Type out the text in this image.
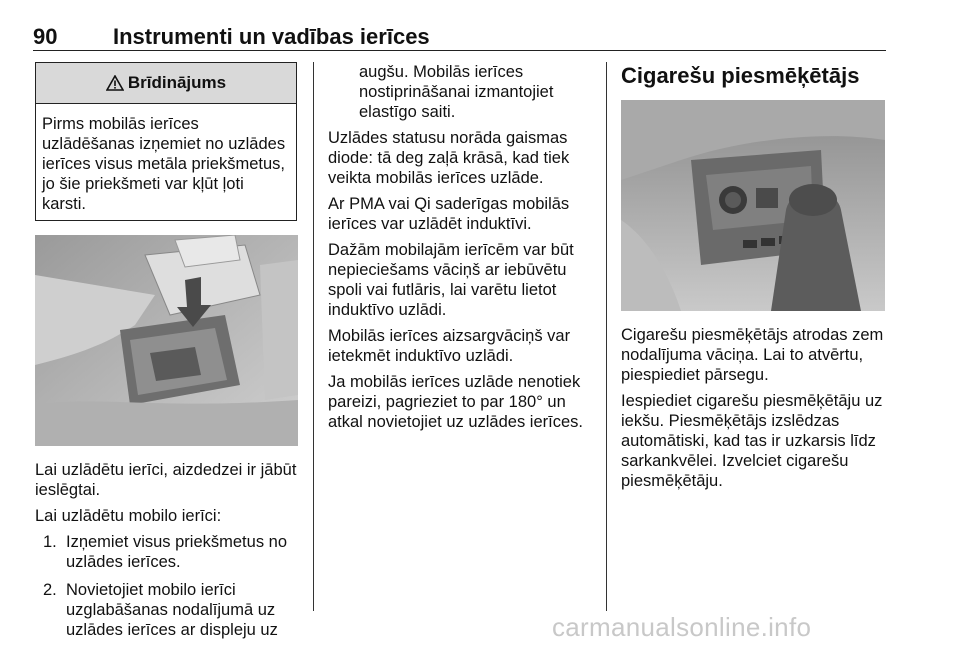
90	Instrumenti un vadības ierīces
Brīdinājums
Pirms mobilās ierīces uzlādēšanas izņemiet no uzlādes ierīces visus metāla priekšmetus, jo šie priekšmeti var kļūt ļoti karsti.

Lai uzlādētu ierīci, aizdedzei ir jābūt ieslēgtai.

Lai uzlādētu mobilo ierīci:

1. Izņemiet visus priekšmetus no uzlādes ierīces.
2. Novietojiet mobilo ierīci uzglabāšanas nodalījumā uz uzlādes ierīces ar displeju uz

augšu. Mobilās ierīces nostiprināšanai izmantojiet elastīgo saiti.

Uzlādes statusu norāda gaismas diode: tā deg zaļā krāsā, kad tiek veikta mobilās ierīces uzlāde.

Ar PMA vai Qi saderīgas mobilās ierīces var uzlādēt induktīvi.

Dažām mobilajām ierīcēm var būt nepieciešams vāciņš ar iebūvētu spoli vai futlāris, lai varētu lietot induktīvo uzlādi.

Mobilās ierīces aizsargvāciņš var ietekmēt induktīvo uzlādi.

Ja mobilās ierīces uzlāde nenotiek pareizi, pagrieziet to par 180° un atkal novietojiet uz uzlādes ierīces.

Cigarešu piesmēķētājs

Cigarešu piesmēķētājs atrodas zem nodalījuma vāciņa. Lai to atvērtu, piespiediet pārsegu.

Iespiediet cigarešu piesmēķētāju uz iekšu. Piesmēķētājs izslēdzas automātiski, kad tas ir uzkarsis līdz sarkankvēlei. Izvelciet cigarešu piesmēķētāju.

carmanualsonline.info
